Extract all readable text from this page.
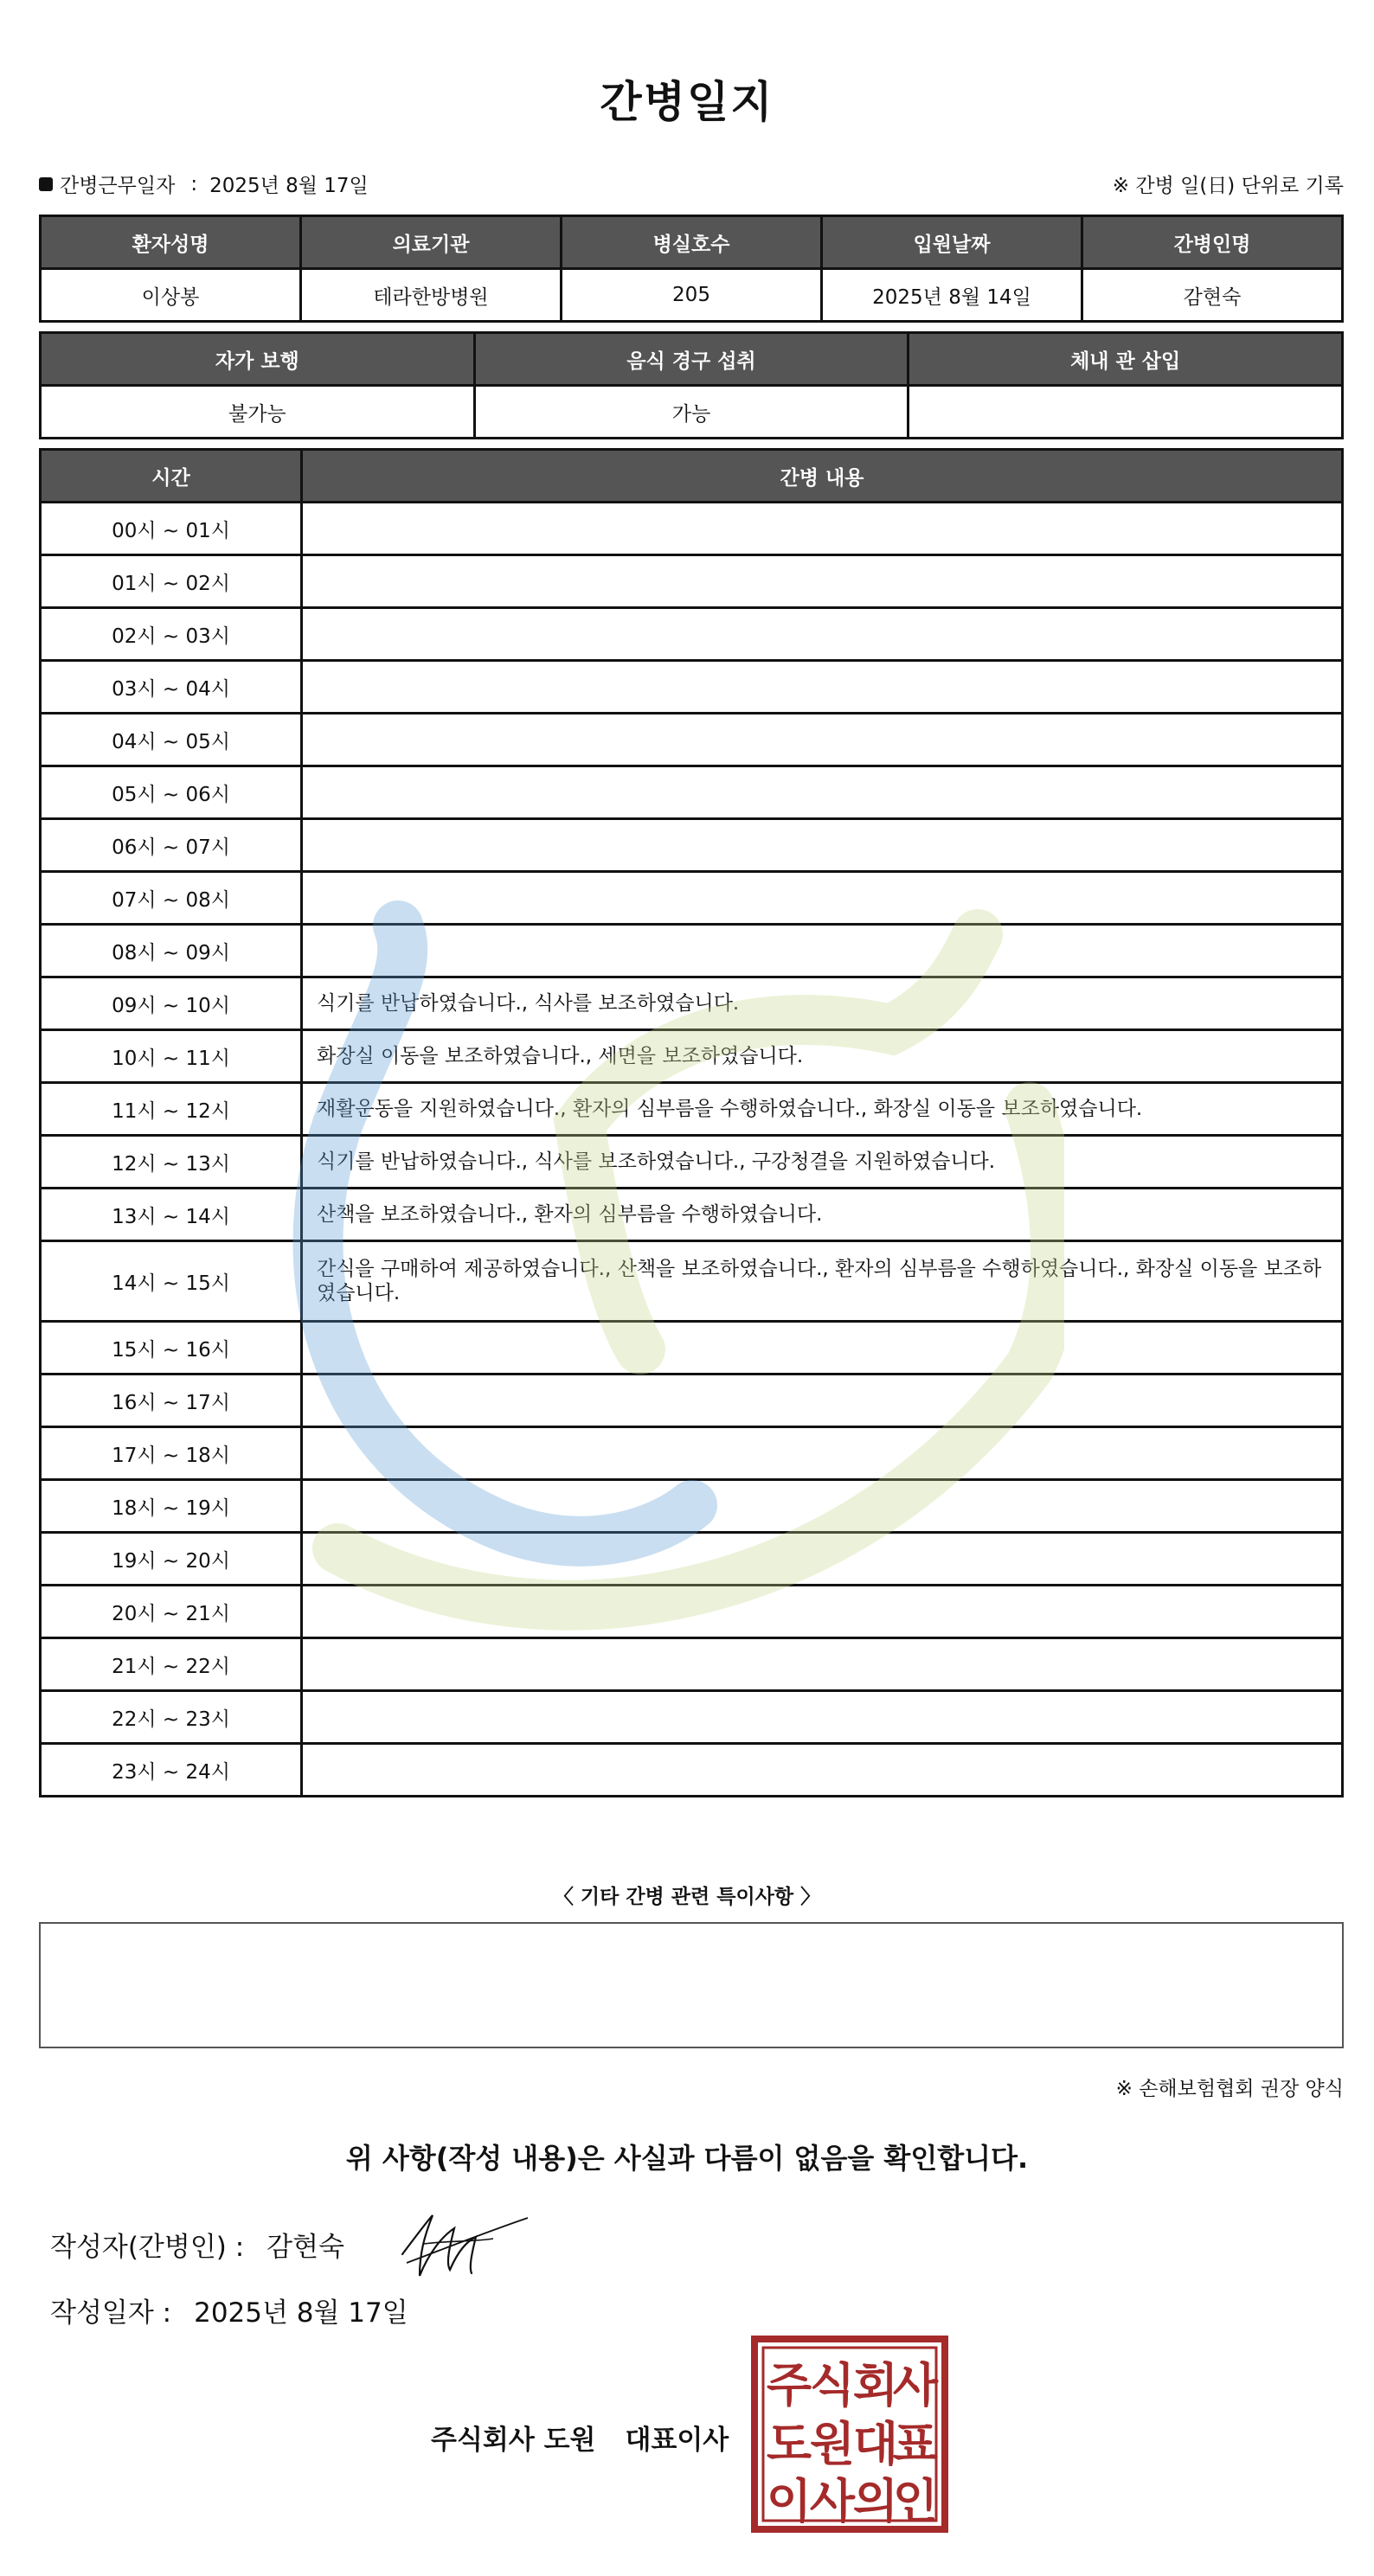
간병일지
간병근무일자 : 2025년 8월 17일	※ 간병 일(日) 단위로 기록
환자성명	의료기관	병실호수	입원날짜	간병인명
이상봉	테라한방병원	205	2025년 8월 14일	감현숙
자가 보행	음식 경구 섭취	체내 관 삽입
불가능	가능	
시간	간병 내용
00시 ~ 01시	
01시 ~ 02시	
02시 ~ 03시	
03시 ~ 04시	
04시 ~ 05시	
05시 ~ 06시	
06시 ~ 07시	
07시 ~ 08시	
08시 ~ 09시	
09시 ~ 10시	식기를 반납하였습니다., 식사를 보조하였습니다.
10시 ~ 11시	화장실 이동을 보조하였습니다., 세면을 보조하였습니다.
11시 ~ 12시	재활운동을 지원하였습니다., 환자의 심부름을 수행하였습니다., 화장실 이동을 보조하였습니다.
12시 ~ 13시	식기를 반납하였습니다., 식사를 보조하였습니다., 구강청결을 지원하였습니다.
13시 ~ 14시	산책을 보조하였습니다., 환자의 심부름을 수행하였습니다.
14시 ~ 15시	간식을 구매하여 제공하였습니다., 산책을 보조하였습니다., 환자의 심부름을 수행하였습니다., 화장실 이동을 보조하였습니다.
15시 ~ 16시	
16시 ~ 17시	
17시 ~ 18시	
18시 ~ 19시	
19시 ~ 20시	
20시 ~ 21시	
21시 ~ 22시	
22시 ~ 23시	
23시 ~ 24시	
〈 기타 간병 관련 특이사항 〉
※ 손해보험협회 권장 양식
위 사항(작성 내용)은 사실과 다름이 없음을 확인합니다.
작성자(간병인) : 감현숙
작성일자 : 2025년 8월 17일
주식회사 도원 대표이사
주
식
회
사
도
원
대
표
이
사
의
인
